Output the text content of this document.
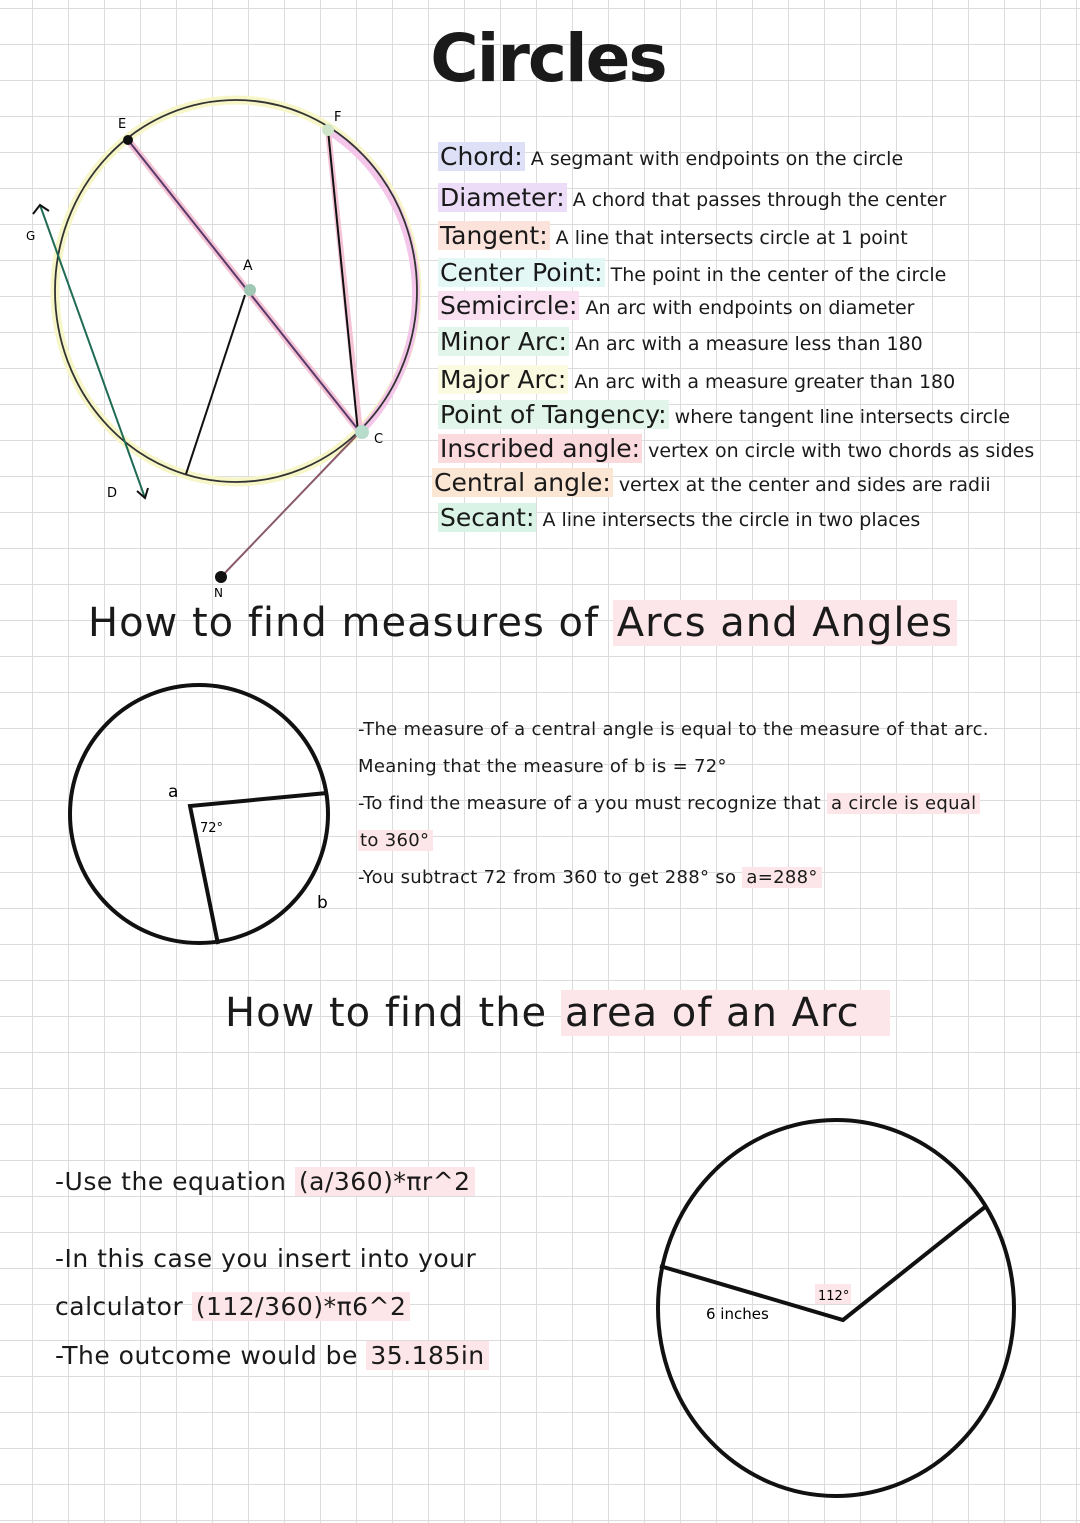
Circles
E	F
G
A
C
D
N
a
72°
b
6 inches
112°
Chord: A segmant with endpoints on the circle
Diameter: A chord that passes through the center
Tangent: A line that intersects circle at 1 point
Center Point: The point in the center of the circle
Semicircle: An arc with endpoints on diameter
Minor Arc: An arc with a measure less than 180
Major Arc: An arc with a measure greater than 180
Point of Tangency: where tangent line intersects circle
Inscribed angle: vertex on circle with two chords as sides
Central angle: vertex at the center and sides are radii
Secant: A line intersects the circle in two places
How to find measures of Arcs and Angles
-The measure of a central angle is equal to the measure of that arc.
Meaning that the measure of b is = 72°
-To find the measure of a you must recognize that a circle is equal
to 360°
-You subtract 72 from 360 to get 288° so a=288°
How to find the area of an Arc
-Use the equation (a/360)*πr^2
-In this case you insert into your
calculator (112/360)*π6^2
-The outcome would be 35.185in
